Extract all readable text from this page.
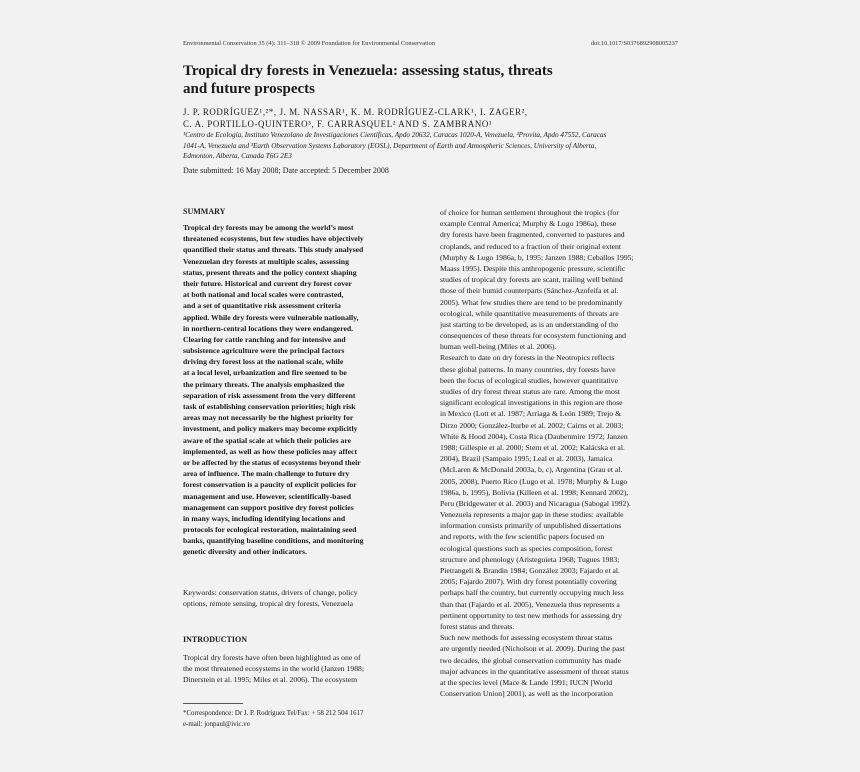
Environmental Conservation 35 (4): 311–318 © 2009 Foundation for Environmental Conservation	doi:10.1017/S0376892908005237
Tropical dry forests in Venezuela: assessing status, threats
and future prospects
J. P. RODRÍGUEZ¹,²*, J. M. NASSAR¹, K. M. RODRÍGUEZ-CLARK¹, I. ZAGER²,
C. A. PORTILLO-QUINTERO³, F. CARRASQUEL² AND S. ZAMBRANO¹
¹Centro de Ecología, Instituto Venezolano de Investigaciones Científicas, Apdo 20632, Caracas 1020-A, Venezuela, ²Provita, Apdo 47552, Caracas
1041-A, Venezuela and ³Earth Observation Systems Laboratory (EOSL), Department of Earth and Atmospheric Sciences, University of Alberta,
Edmonton, Alberta, Canada T6G 2E3
Date submitted: 16 May 2008; Date accepted: 5 December 2008
SUMMARY
Tropical dry forests may be among the world’s most
threatened ecosystems, but few studies have objectively
quantified their status and threats. This study analysed
Venezuelan dry forests at multiple scales, assessing
status, present threats and the policy context shaping
their future. Historical and current dry forest cover
at both national and local scales were contrasted,
and a set of quantitative risk assessment criteria
applied. While dry forests were vulnerable nationally,
in northern-central locations they were endangered.
Clearing for cattle ranching and for intensive and
subsistence agriculture were the principal factors
driving dry forest loss at the national scale, while
at a local level, urbanization and fire seemed to be
the primary threats. The analysis emphasized the
separation of risk assessment from the very different
task of establishing conservation priorities; high risk
areas may not necessarily be the highest priority for
investment, and policy makers may become explicitly
aware of the spatial scale at which their policies are
implemented, as well as how these policies may affect
or be affected by the status of ecosystems beyond their
area of influence. The main challenge to future dry
forest conservation is a paucity of explicit policies for
management and use. However, scientifically-based
management can support positive dry forest policies
in many ways, including identifying locations and
protocols for ecological restoration, maintaining seed
banks, quantifying baseline conditions, and monitoring
genetic diversity and other indicators.
Keywords: conservation status, drivers of change, policy
options, remote sensing, tropical dry forests, Venezuela
INTRODUCTION
Tropical dry forests have often been highlighted as one of
the most threatened ecosystems in the world (Janzen 1988;
Dinerstein et al. 1995; Miles et al. 2006). The ecosystem
*Correspondence: Dr J. P. Rodríguez Tel/Fax: + 58 212 504 1617
e-mail: jonpaul@ivic.ve
of choice for human settlement throughout the tropics (for
example Central America; Murphy & Lugo 1986a), these
dry forests have been fragmented, converted to pastures and
croplands, and reduced to a fraction of their original extent
(Murphy & Lugo 1986a, b, 1995; Janzen 1988; Ceballos 1995;
Maass 1995). Despite this anthropogenic pressure, scientific
studies of tropical dry forests are scant, trailing well behind
those of their humid counterparts (Sánchez-Azofeifa et al.
2005). What few studies there are tend to be predominantly
ecological, while quantitative measurements of threats are
just starting to be developed, as is an understanding of the
consequences of these threats for ecosystem functioning and
human well-being (Miles et al. 2006).
Research to date on dry forests in the Neotropics reflects
these global patterns. In many countries, dry forests have
been the focus of ecological studies, however quantitative
studies of dry forest threat status are rare. Among the most
significant ecological investigations in this region are those
in Mexico (Lott et al. 1987; Arriaga & León 1989; Trejo &
Dirzo 2000; González-Iturbe et al. 2002; Cairns et al. 2003;
White & Hood 2004), Costa Rica (Daubenmire 1972; Janzen
1988; Gillespie et al. 2000; Stern et al. 2002; Kalácska et al.
2004), Brazil (Sampaio 1995; Leal et al. 2003), Jamaica
(McLaren & McDonald 2003a, b, c), Argentina (Grau et al.
2005, 2008), Puerto Rico (Lugo et al. 1978; Murphy & Lugo
1986a, b, 1995), Bolivia (Killeen et al. 1998; Kennard 2002),
Peru (Bridgewater et al. 2003) and Nicaragua (Sabogal 1992).
Venezuela represents a major gap in these studies: available
information consists primarily of unpublished dissertations
and reports, with the few scientific papers focused on
ecological questions such as species composition, forest
structure and phenology (Aristeguieta 1968; Tugues 1983;
Pietrangeli & Brandin 1984; González 2003; Fajardo et al.
2005; Fajardo 2007). With dry forest potentially covering
perhaps half the country, but currently occupying much less
than that (Fajardo et al. 2005), Venezuela thus represents a
pertinent opportunity to test new methods for assessing dry
forest status and threats.
Such new methods for assessing ecosystem threat status
are urgently needed (Nicholson et al. 2009). During the past
two decades, the global conservation community has made
major advances in the quantitative assessment of threat status
at the species level (Mace & Lande 1991; IUCN [World
Conservation Union] 2001), as well as the incorporation
